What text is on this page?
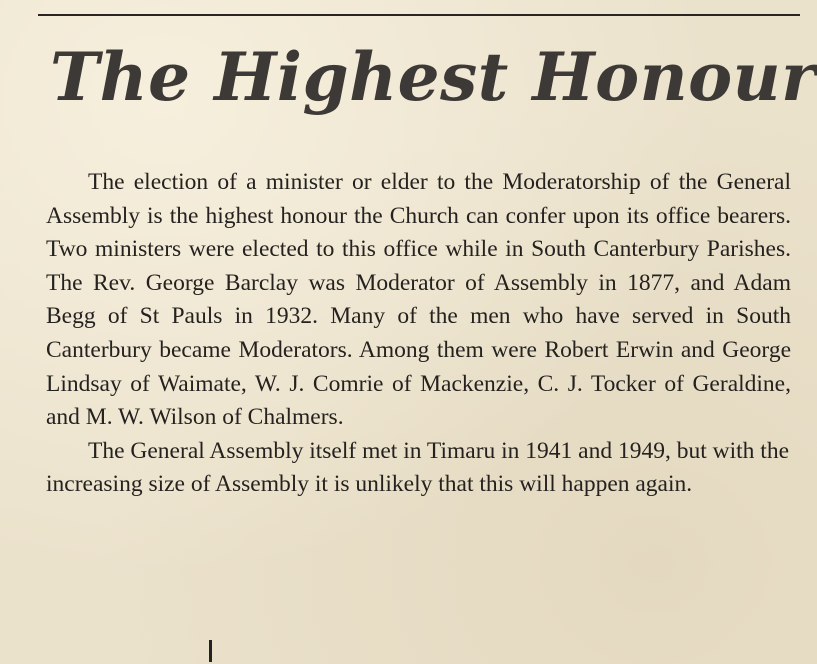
The Highest Honour

The election of a minister or elder to the Moderatorship of the General Assembly is the highest honour the Church can confer upon its office bearers. Two ministers were elected to this office while in South Canterbury Parishes. The Rev. George Barclay was Moderator of Assembly in 1877, and Adam Begg of St Pauls in 1932. Many of the men who have served in South Canterbury became Moderators. Among them were Robert Erwin and George Lindsay of Waimate, W. J. Comrie of Mackenzie, C. J. Tocker of Geraldine, and M. W. Wilson of Chalmers.

The General Assembly itself met in Timaru in 1941 and 1949, but with the increasing size of Assembly it is unlikely that this will happen again.
